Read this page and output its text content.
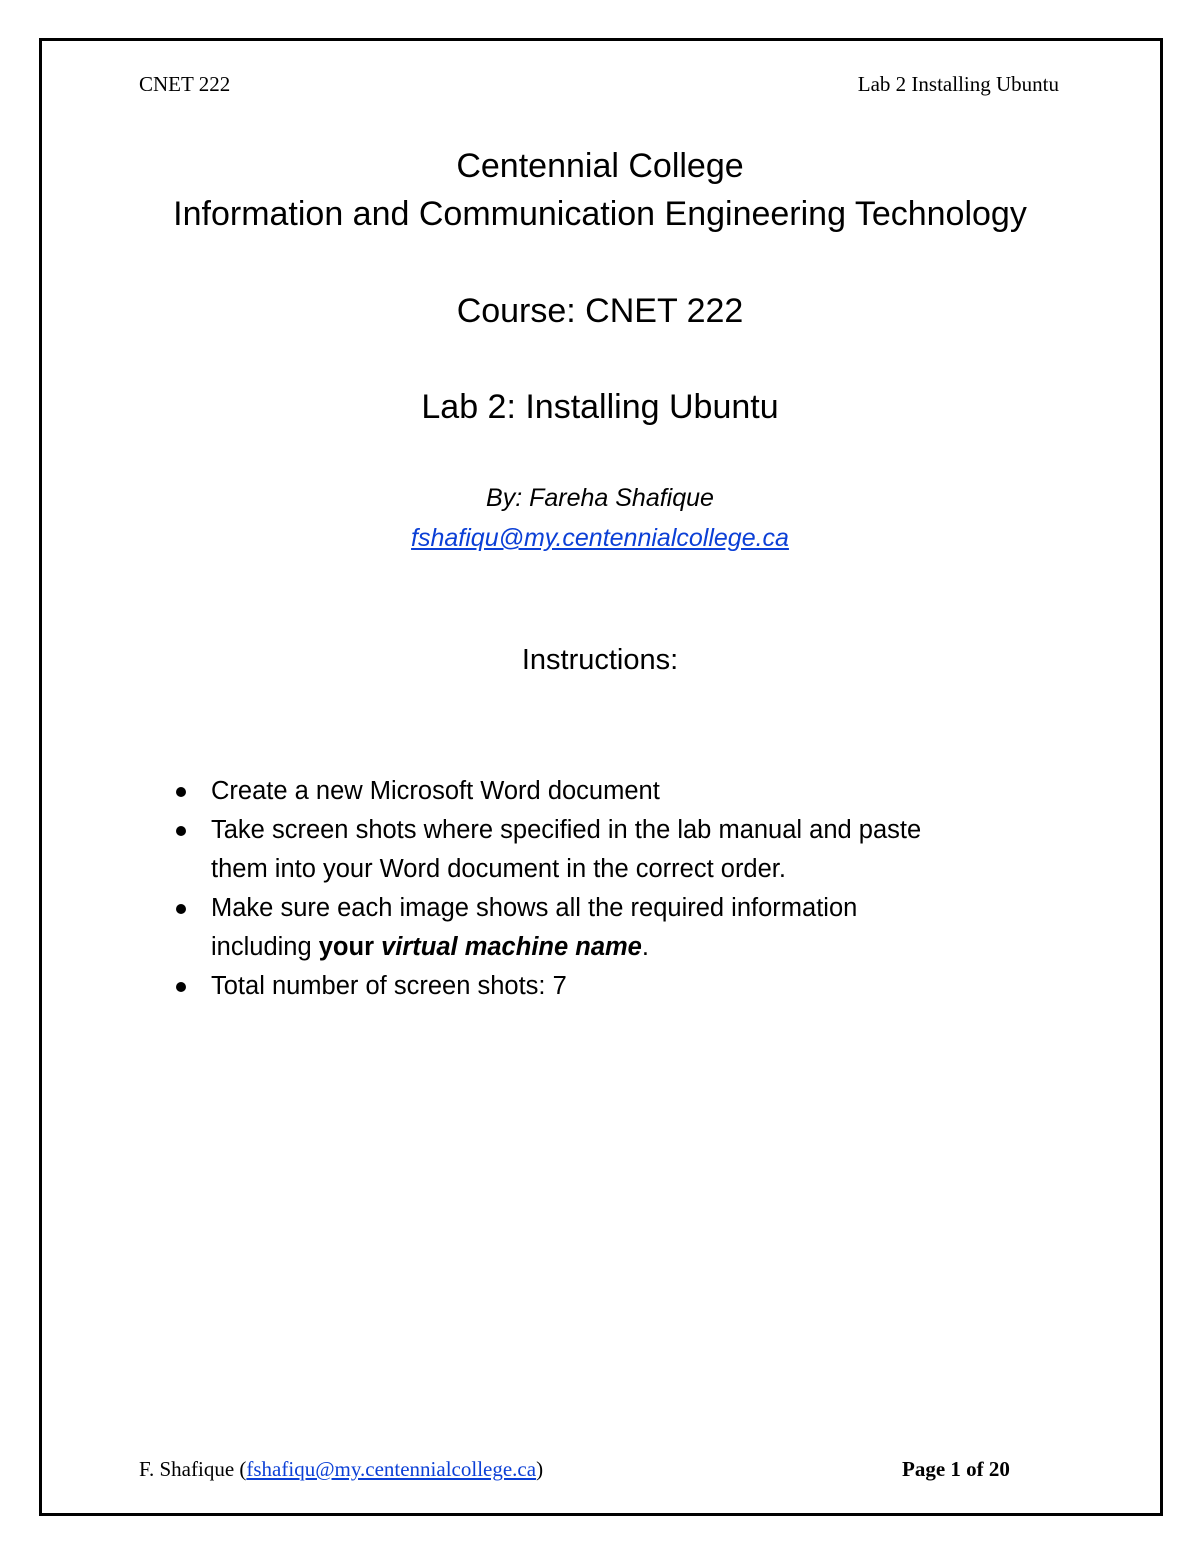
CNET 222	Lab 2 Installing Ubuntu
Centennial College
Information and Communication Engineering Technology
Course: CNET 222
Lab 2: Installing Ubuntu
By: Fareha Shafique
fshafiqu@my.centennialcollege.ca
Instructions:
Create a new Microsoft Word document
Take screen shots where specified in the lab manual and paste
them into your Word document in the correct order.
Make sure each image shows all the required information
including your virtual machine name.
Total number of screen shots: 7
F. Shafique (fshafiqu@my.centennialcollege.ca)	Page 1 of 20
